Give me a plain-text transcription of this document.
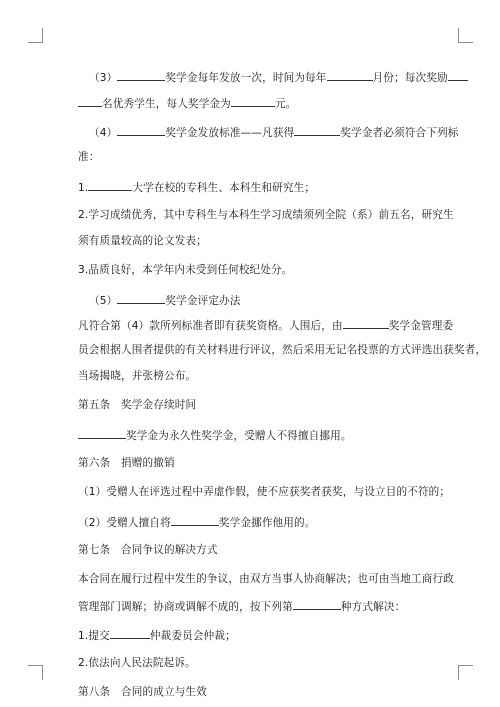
（3）	奖学金每年发放一次，时间为每年	月份；每次奖励

名优秀学生，每人奖学金为	元。

（4）	奖学金发放标准——凡获得	奖学金者必须符合下列标

准：

1.	大学在校的专科生、本科生和研究生；

2.学习成绩优秀，其中专科生与本科生学习成绩须列全院（系）前五名，研究生

须有质量较高的论文发表；

3.品质良好，本学年内未受到任何校纪处分。

（5）	奖学金评定办法

凡符合第（4）款所列标准者即有获奖资格。人围后，由	奖学金管理委

员会根据人围者提供的有关材料进行评议，然后采用无记名投票的方式评选出获奖者，

当场揭晓，并张榜公布。

第五条　奖学金存续时间

奖学金为永久性奖学金，受赠人不得擅自挪用。

第六条　捐赠的撤销

（1）受赠人在评选过程中弄虚作假，使不应获奖者获奖，与设立目的不符的；

（2）受赠人擅自将	奖学金挪作他用的。

第七条　合同争议的解决方式

本合同在履行过程中发生的争议，由双方当事人协商解决；也可由当地工商行政

管理部门调解；协商或调解不成的，按下列第	种方式解决：

1.提交	仲裁委员会仲裁；

2.依法向人民法院起诉。

第八条　合同的成立与生效
